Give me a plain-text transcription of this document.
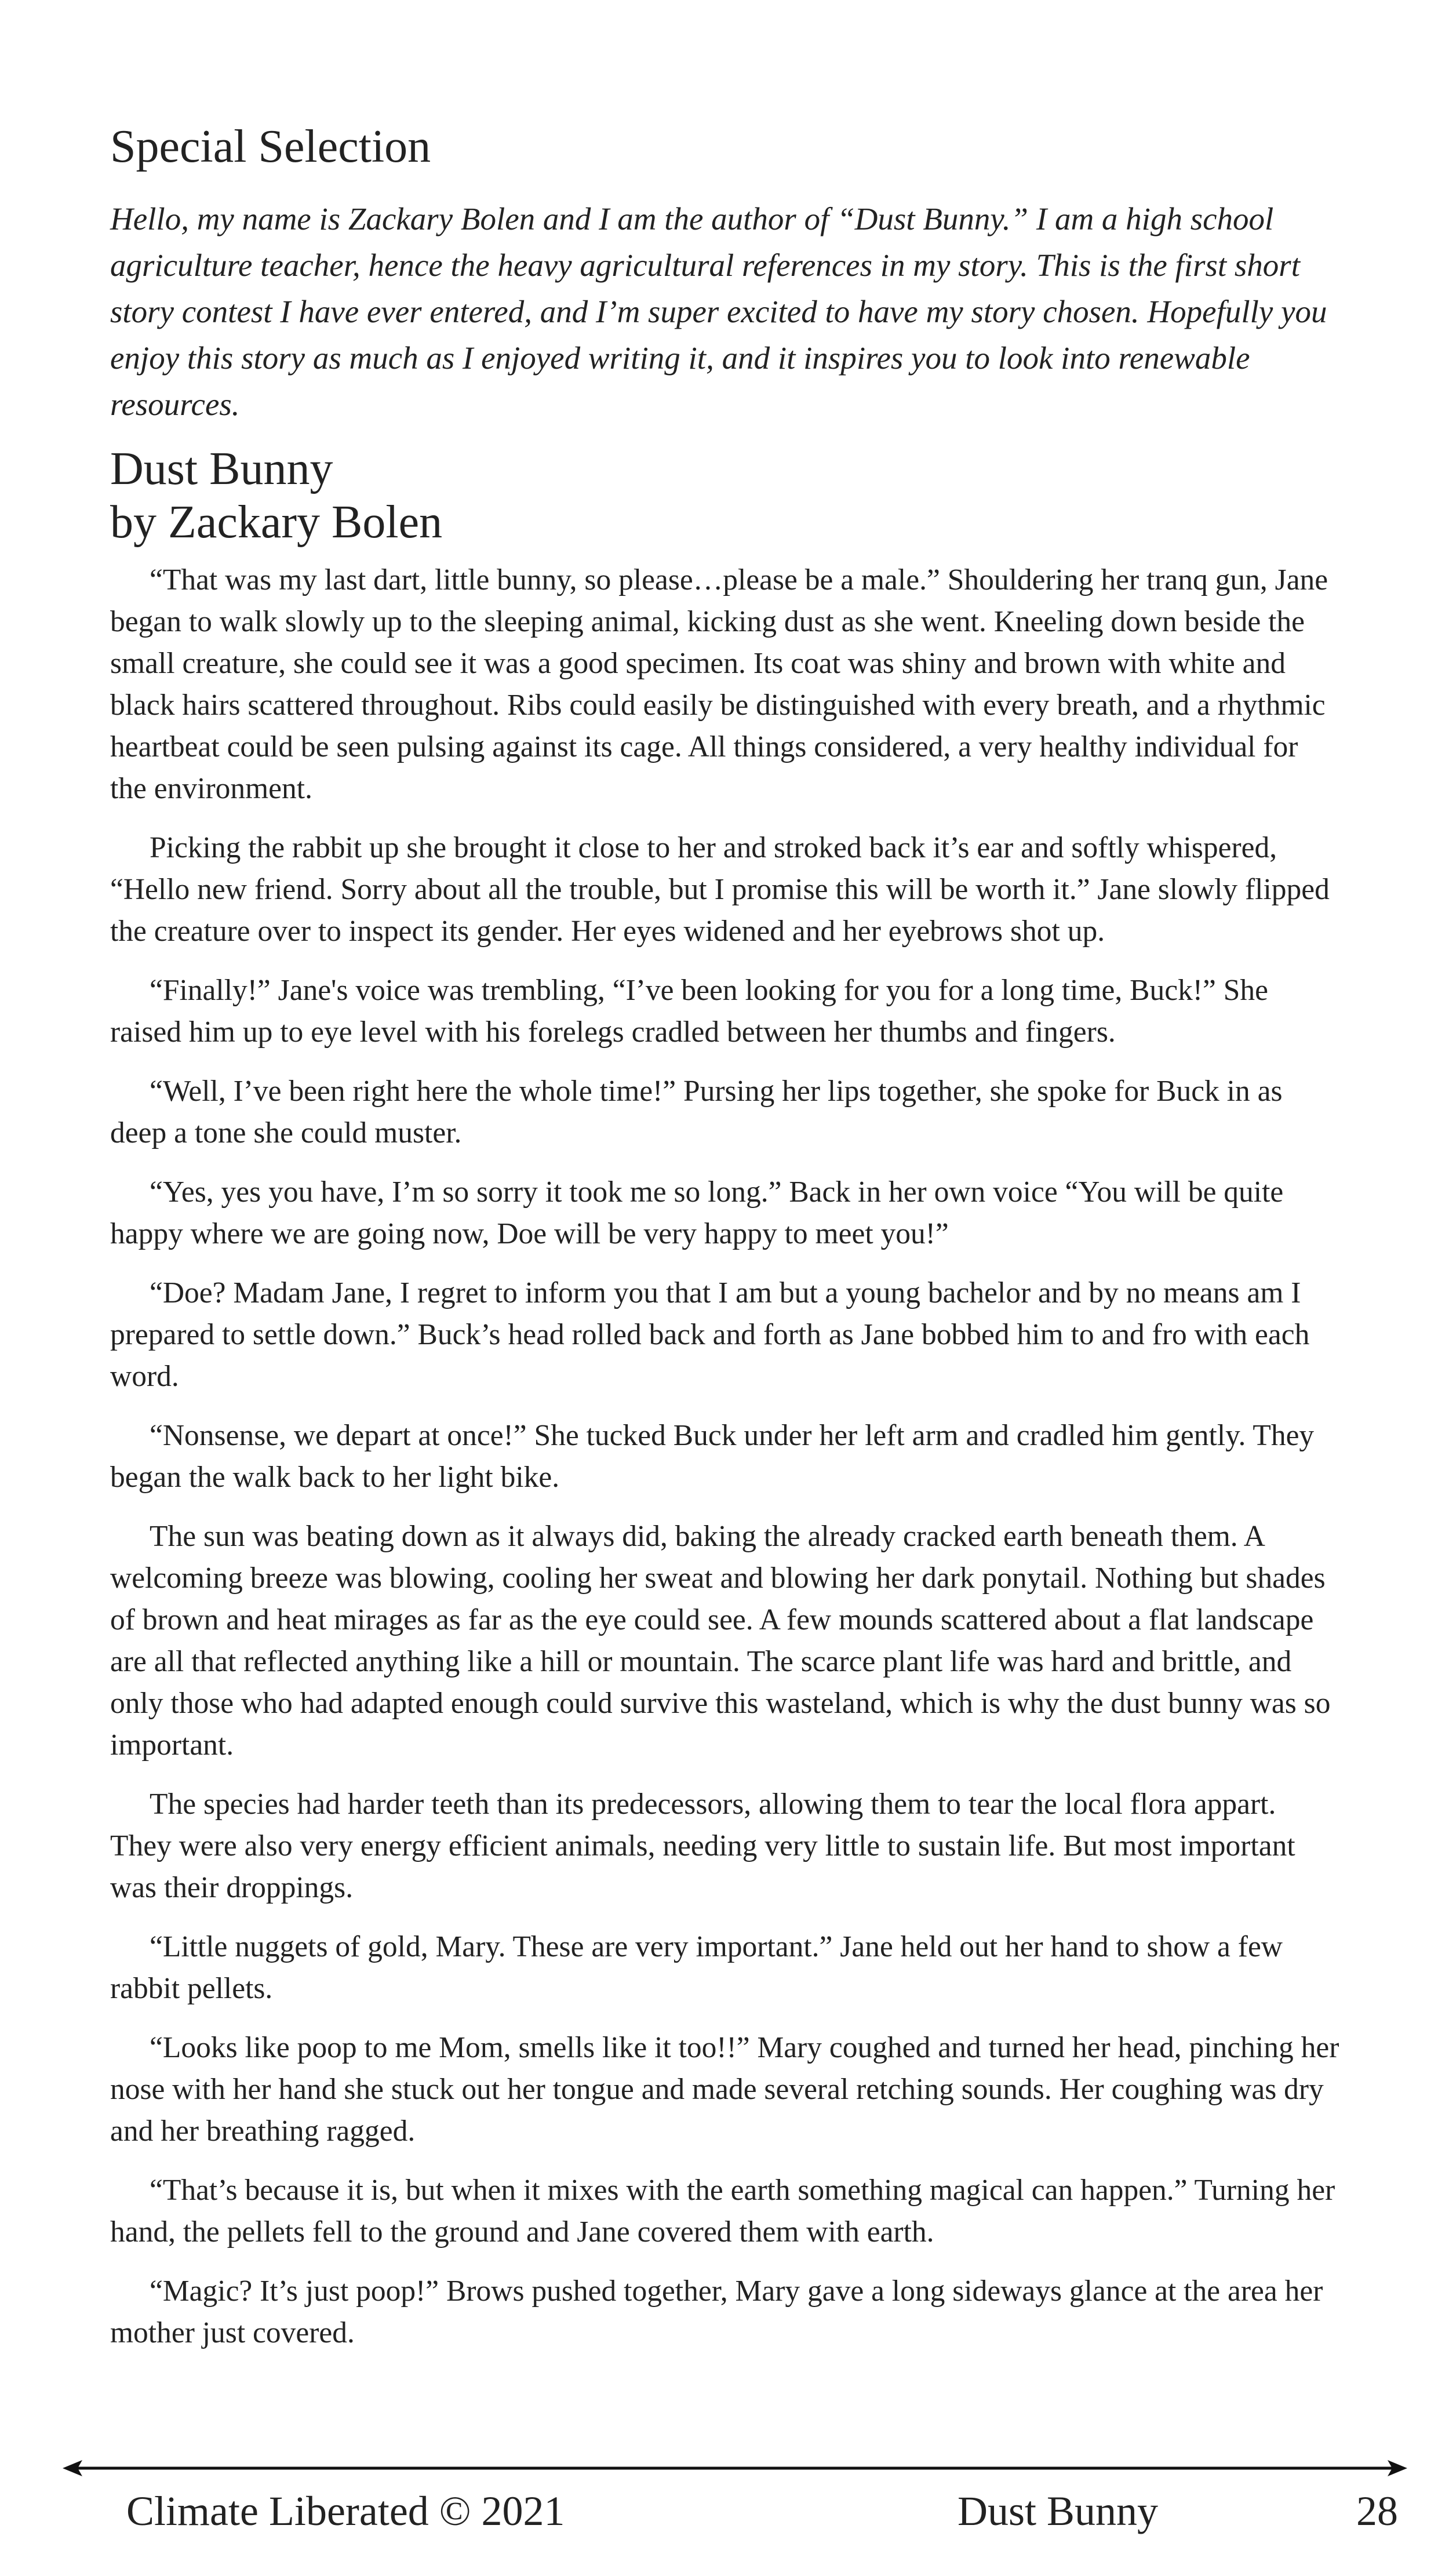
Special Selection

Hello, my name is Zackary Bolen and I am the author of “Dust Bunny.” I am a high school agriculture teacher, hence the heavy agricultural references in my story. This is the first short story contest I have ever entered, and I’m super excited to have my story chosen. Hopefully you enjoy this story as much as I enjoyed writing it, and it inspires you to look into renewable resources.

Dust Bunny
by Zackary Bolen

“That was my last dart, little bunny, so please…please be a male.” Shouldering her tranq gun, Jane began to walk slowly up to the sleeping animal, kicking dust as she went. Kneeling down beside the small creature, she could see it was a good specimen. Its coat was shiny and brown with white and black hairs scattered throughout. Ribs could easily be distinguished with every breath, and a rhythmic heartbeat could be seen pulsing against its cage. All things considered, a very healthy individual for the environment.

Picking the rabbit up she brought it close to her and stroked back it’s ear and softly whispered, “Hello new friend. Sorry about all the trouble, but I promise this will be worth it.” Jane slowly flipped the creature over to inspect its gender. Her eyes widened and her eyebrows shot up.

“Finally!” Jane's voice was trembling, “I’ve been looking for you for a long time, Buck!” She raised him up to eye level with his forelegs cradled between her thumbs and fingers.

“Well, I’ve been right here the whole time!” Pursing her lips together, she spoke for Buck in as deep a tone she could muster.

“Yes, yes you have, I’m so sorry it took me so long.” Back in her own voice “You will be quite happy where we are going now, Doe will be very happy to meet you!”

“Doe? Madam Jane, I regret to inform you that I am but a young bachelor and by no means am I prepared to settle down.” Buck’s head rolled back and forth as Jane bobbed him to and fro with each word.

“Nonsense, we depart at once!” She tucked Buck under her left arm and cradled him gently. They began the walk back to her light bike.

The sun was beating down as it always did, baking the already cracked earth beneath them. A welcoming breeze was blowing, cooling her sweat and blowing her dark ponytail. Nothing but shades of brown and heat mirages as far as the eye could see. A few mounds scattered about a flat landscape are all that reflected anything like a hill or mountain. The scarce plant life was hard and brittle, and only those who had adapted enough could survive this wasteland, which is why the dust bunny was so important.

The species had harder teeth than its predecessors, allowing them to tear the local flora appart. They were also very energy efficient animals, needing very little to sustain life. But most important was their droppings.

“Little nuggets of gold, Mary. These are very important.” Jane held out her hand to show a few rabbit pellets.

“Looks like poop to me Mom, smells like it too!!” Mary coughed and turned her head, pinching her nose with her hand she stuck out her tongue and made several retching sounds. Her coughing was dry and her breathing ragged.

“That’s because it is, but when it mixes with the earth something magical can happen.” Turning her hand, the pellets fell to the ground and Jane covered them with earth.

“Magic? It’s just poop!” Brows pushed together, Mary gave a long sideways glance at the area her mother just covered.

Climate Liberated © 2021	Dust Bunny	28
